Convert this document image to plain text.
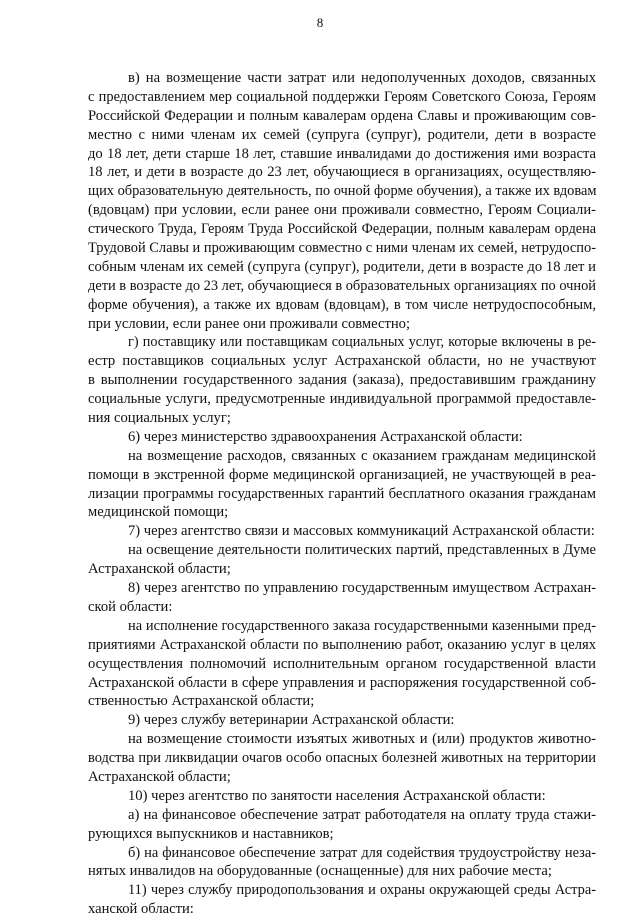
8
в) на возмещение части затрат или недополученных доходов, связанных
с предоставлением мер социальной поддержки Героям Советского Союза, Героям
Российской Федерации и полным кавалерам ордена Славы и проживающим сов-
местно с ними членам их семей (супруга (супруг), родители, дети в возрасте
до 18 лет, дети старше 18 лет, ставшие инвалидами до достижения ими возраста
18 лет, и дети в возрасте до 23 лет, обучающиеся в организациях, осуществляю-
щих образовательную деятельность, по очной форме обучения), а также их вдовам
(вдовцам) при условии, если ранее они проживали совместно, Героям Социали-
стического Труда, Героям Труда Российской Федерации, полным кавалерам ордена
Трудовой Славы и проживающим совместно с ними членам их семей, нетрудоспо-
собным членам их семей (супруга (супруг), родители, дети в возрасте до 18 лет и
дети в возрасте до 23 лет, обучающиеся в образовательных организациях по очной
форме обучения), а также их вдовам (вдовцам), в том числе нетрудоспособным,
при условии, если ранее они проживали совместно;
г) поставщику или поставщикам социальных услуг, которые включены в ре-
естр поставщиков социальных услуг Астраханской области, но не участвуют
в выполнении государственного задания (заказа), предоставившим гражданину
социальные услуги, предусмотренные индивидуальной программой предоставле-
ния социальных услуг;
6) через министерство здравоохранения Астраханской области:
на возмещение расходов, связанных с оказанием гражданам медицинской
помощи в экстренной форме медицинской организацией, не участвующей в реа-
лизации программы государственных гарантий бесплатного оказания гражданам
медицинской помощи;
7) через агентство связи и массовых коммуникаций Астраханской области:
на освещение деятельности политических партий, представленных в Думе
Астраханской области;
8) через агентство по управлению государственным имуществом Астрахан-
ской области:
на исполнение государственного заказа государственными казенными пред-
приятиями Астраханской области по выполнению работ, оказанию услуг в целях
осуществления полномочий исполнительным органом государственной власти
Астраханской области в сфере управления и распоряжения государственной соб-
ственностью Астраханской области;
9) через службу ветеринарии Астраханской области:
на возмещение стоимости изъятых животных и (или) продуктов животно-
водства при ликвидации очагов особо опасных болезней животных на территории
Астраханской области;
10) через агентство по занятости населения Астраханской области:
а) на финансовое обеспечение затрат работодателя на оплату труда стажи-
рующихся выпускников и наставников;
б) на финансовое обеспечение затрат для содействия трудоустройству неза-
нятых инвалидов на оборудованные (оснащенные) для них рабочие места;
11) через службу природопользования и охраны окружающей среды Астра-
ханской области:
